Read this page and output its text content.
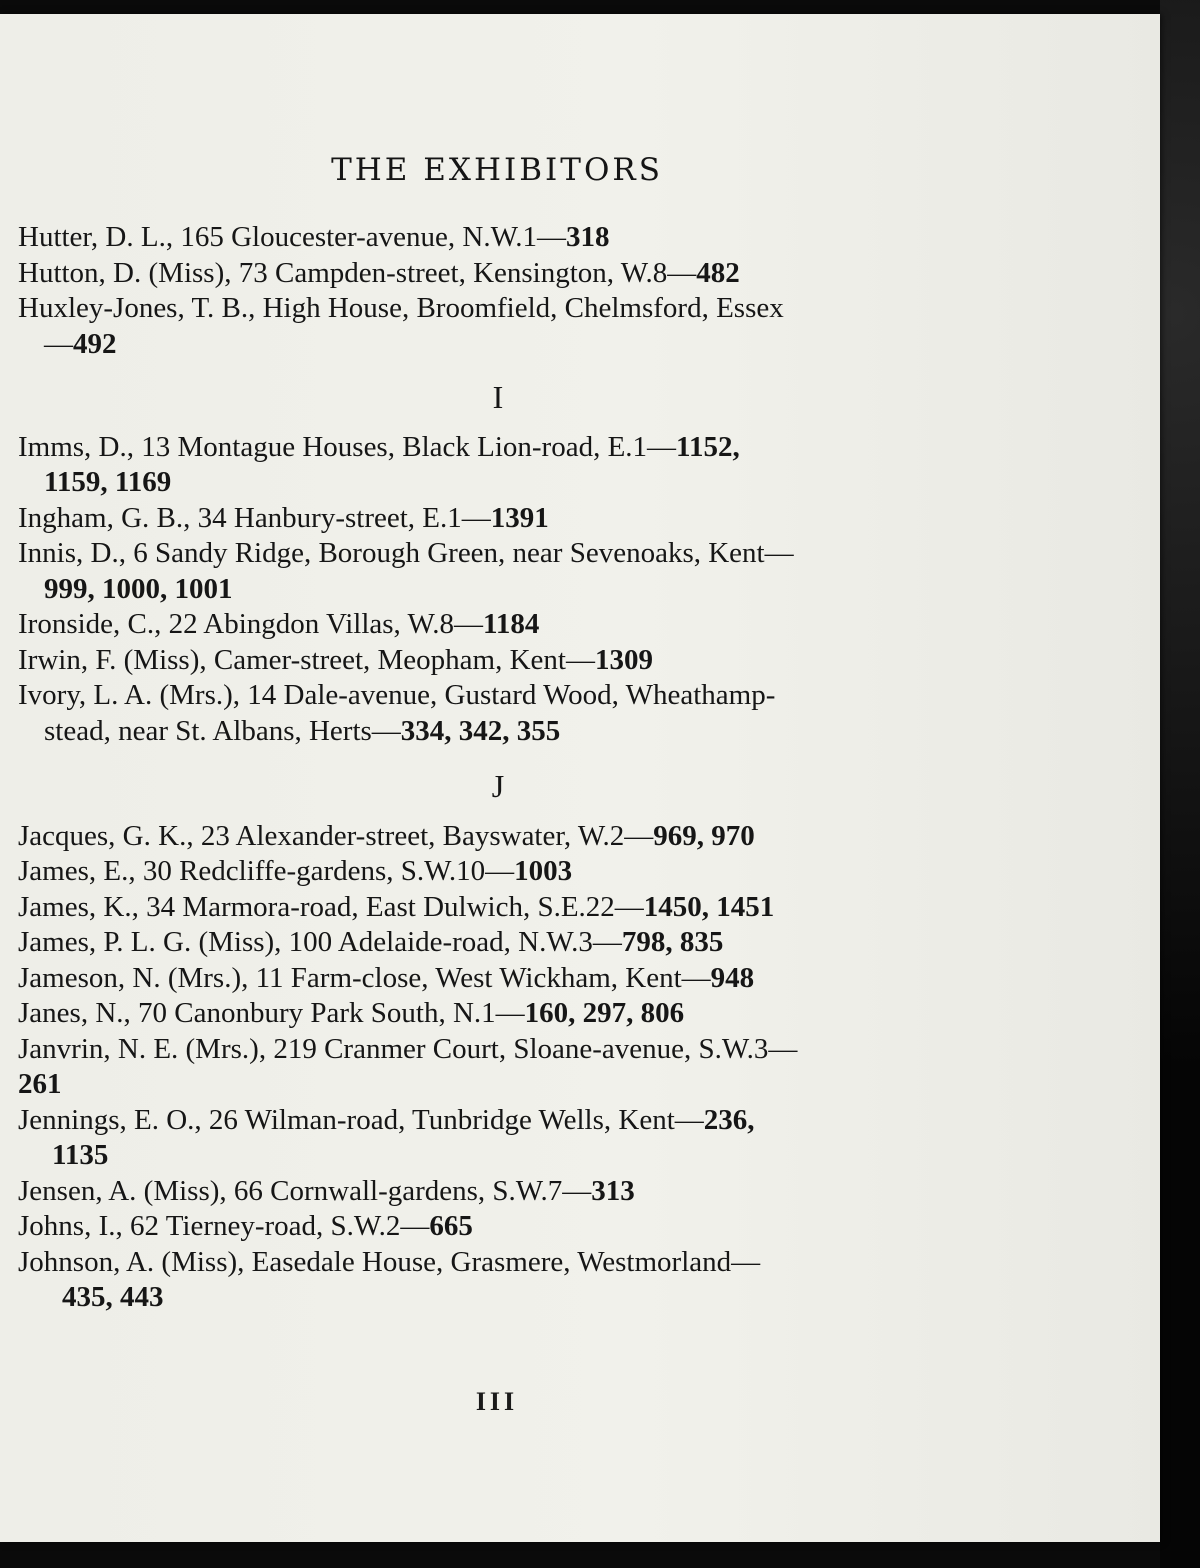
THE EXHIBITORS
Hutter, D. L., 165 Gloucester-avenue, N.W.1—318
Hutton, D. (Miss), 73 Campden-street, Kensington, W.8—482
Huxley-Jones, T. B., High House, Broomfield, Chelmsford, Essex
—492
I
Imms, D., 13 Montague Houses, Black Lion-road, E.1—1152,
1159, 1169
Ingham, G. B., 34 Hanbury-street, E.1—1391
Innis, D., 6 Sandy Ridge, Borough Green, near Sevenoaks, Kent—
999, 1000, 1001
Ironside, C., 22 Abingdon Villas, W.8—1184
Irwin, F. (Miss), Camer-street, Meopham, Kent—1309
Ivory, L. A. (Mrs.), 14 Dale-avenue, Gustard Wood, Wheathamp-
stead, near St. Albans, Herts—334, 342, 355
J
Jacques, G. K., 23 Alexander-street, Bayswater, W.2—969, 970
James, E., 30 Redcliffe-gardens, S.W.10—1003
James, K., 34 Marmora-road, East Dulwich, S.E.22—1450, 1451
James, P. L. G. (Miss), 100 Adelaide-road, N.W.3—798, 835
Jameson, N. (Mrs.), 11 Farm-close, West Wickham, Kent—948
Janes, N., 70 Canonbury Park South, N.1—160, 297, 806
Janvrin, N. E. (Mrs.), 219 Cranmer Court, Sloane-avenue, S.W.3—
261
Jennings, E. O., 26 Wilman-road, Tunbridge Wells, Kent—236,
1135
Jensen, A. (Miss), 66 Cornwall-gardens, S.W.7—313
Johns, I., 62 Tierney-road, S.W.2—665
Johnson, A. (Miss), Easedale House, Grasmere, Westmorland—
435, 443
III
